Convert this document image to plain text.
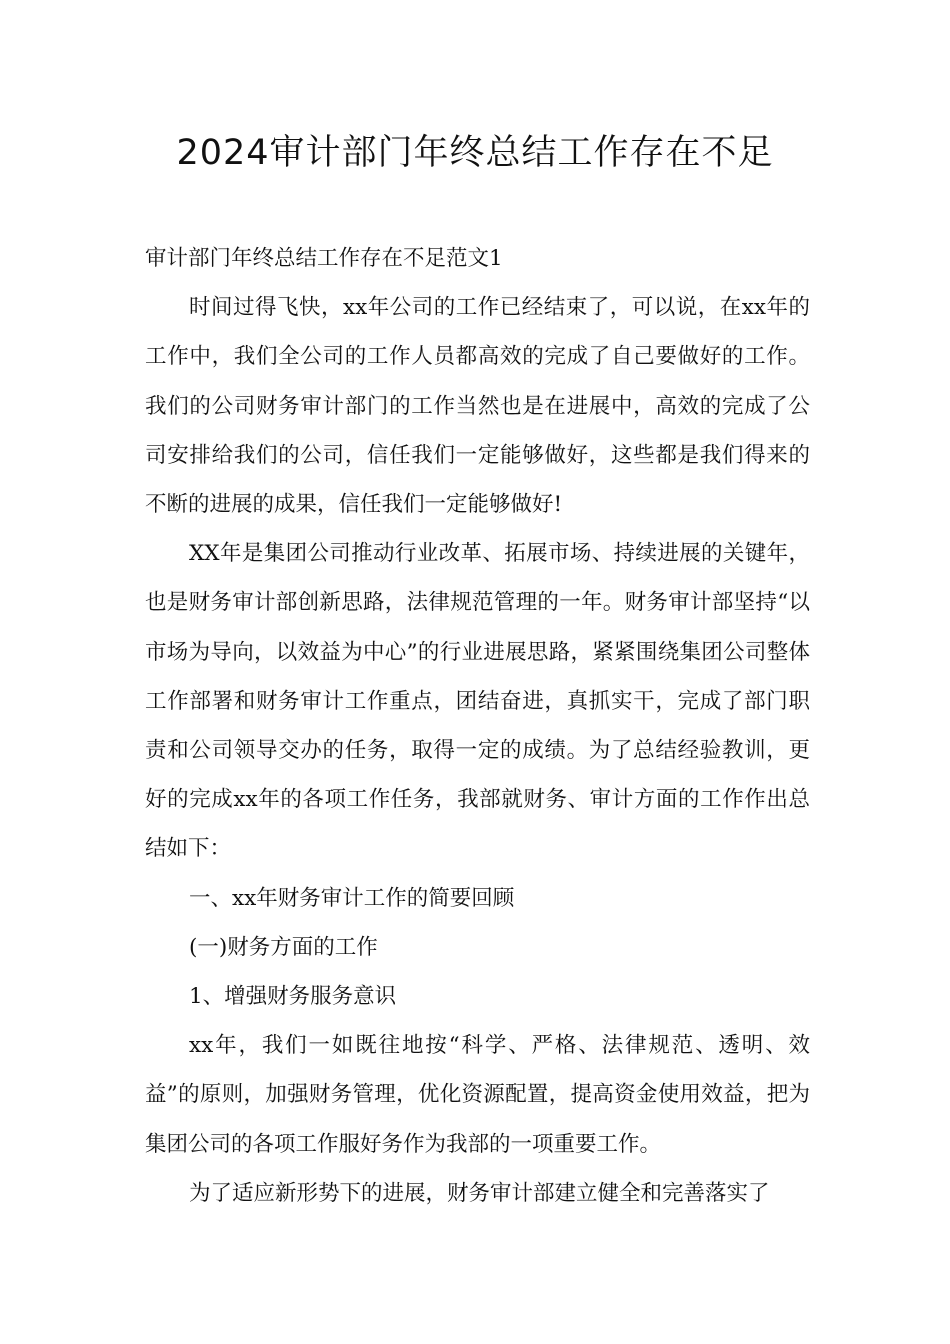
2024审计部门年终总结工作存在不足

审计部门年终总结工作存在不足范文1

时间过得飞快，xx年公司的工作已经结束了，可以说，在xx年的工作中，我们全公司的工作人员都高效的完成了自己要做好的工作。我们的公司财务审计部门的工作当然也是在进展中，高效的完成了公司安排给我们的公司，信任我们一定能够做好，这些都是我们得来的不断的进展的成果，信任我们一定能够做好!

XX年是集团公司推动行业改革、拓展市场、持续进展的关键年，也是财务审计部创新思路，法律规范管理的一年。财务审计部坚持“以市场为导向，以效益为中心”的行业进展思路，紧紧围绕集团公司整体工作部署和财务审计工作重点，团结奋进，真抓实干，完成了部门职责和公司领导交办的任务，取得一定的成绩。为了总结经验教训，更好的完成xx年的各项工作任务，我部就财务、审计方面的工作作出总结如下：

一、xx年财务审计工作的简要回顾

(一)财务方面的工作

1、增强财务服务意识

xx年，我们一如既往地按“科学、严格、法律规范、透明、效益”的原则，加强财务管理，优化资源配置，提高资金使用效益，把为集团公司的各项工作服好务作为我部的一项重要工作。

为了适应新形势下的进展，财务审计部建立健全和完善落实了
